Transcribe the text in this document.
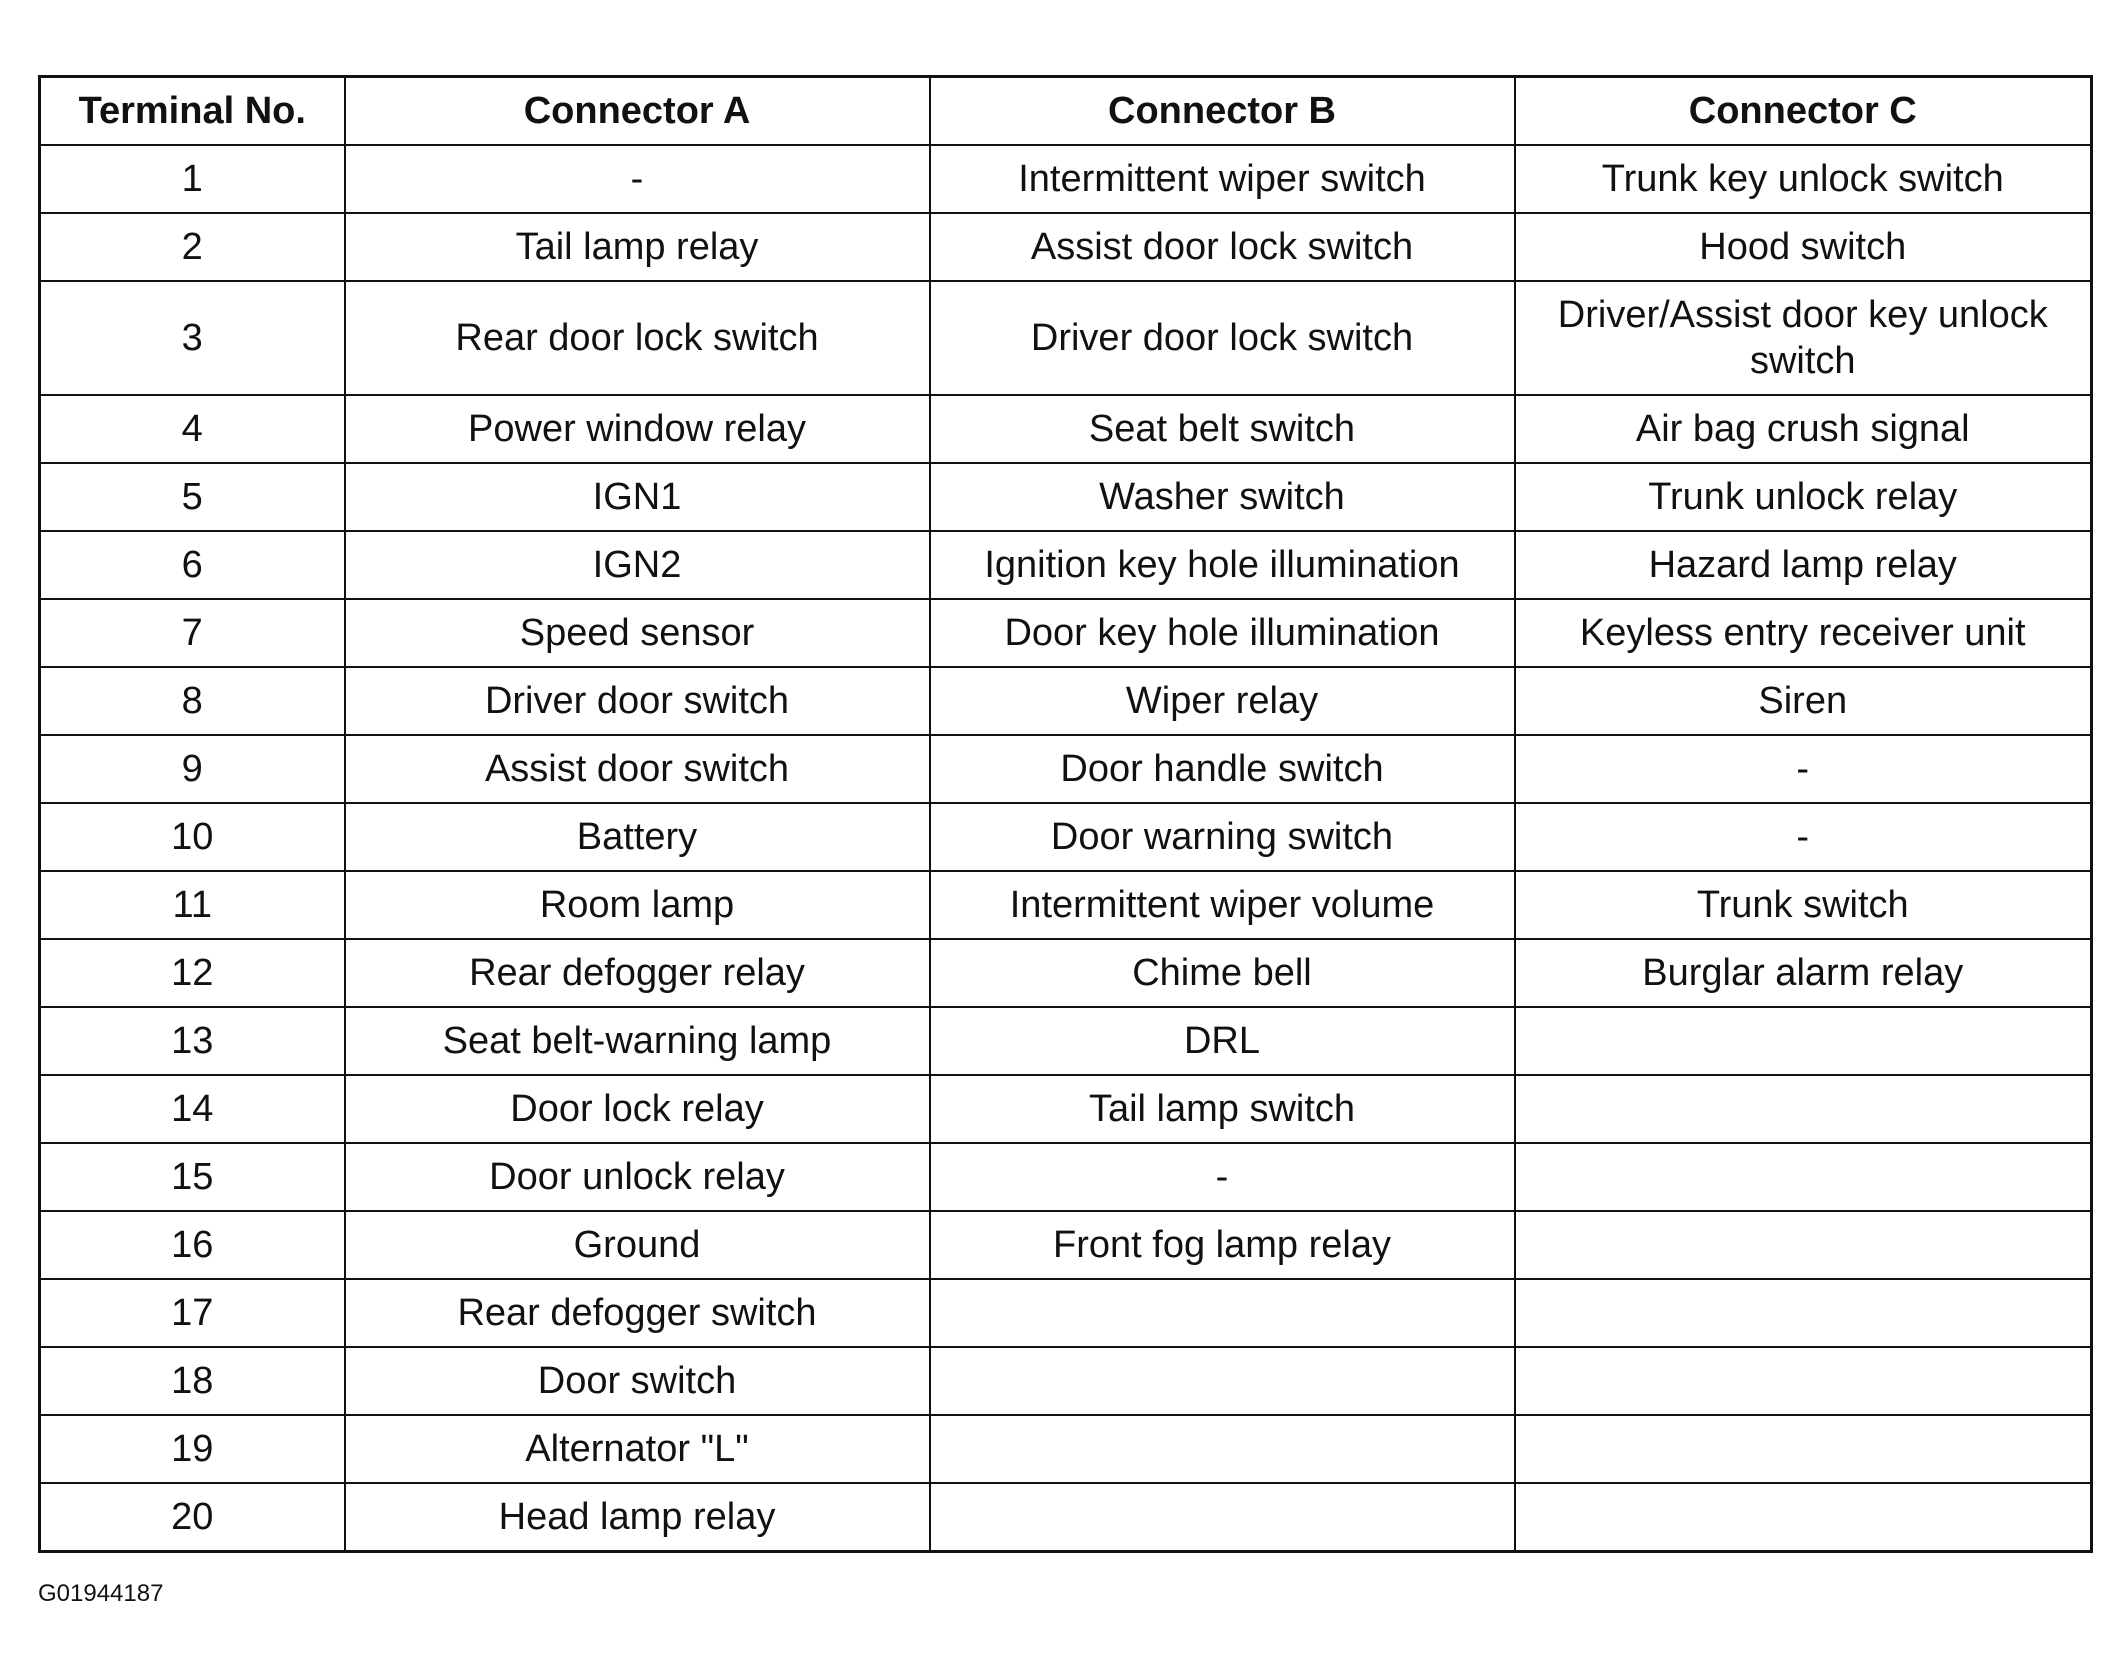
Terminal No.	Connector A	Connector B	Connector C
1	-	Intermittent wiper switch	Trunk key unlock switch
2	Tail lamp relay	Assist door lock switch	Hood switch
3	Rear door lock switch	Driver door lock switch	Driver/Assist door key unlock switch
4	Power window relay	Seat belt switch	Air bag crush signal
5	IGN1	Washer switch	Trunk unlock relay
6	IGN2	Ignition key hole illumination	Hazard lamp relay
7	Speed sensor	Door key hole illumination	Keyless entry receiver unit
8	Driver door switch	Wiper relay	Siren
9	Assist door switch	Door handle switch	-
10	Battery	Door warning switch	-
11	Room lamp	Intermittent wiper volume	Trunk switch
12	Rear defogger relay	Chime bell	Burglar alarm relay
13	Seat belt-warning lamp	DRL	
14	Door lock relay	Tail lamp switch	
15	Door unlock relay	-	
16	Ground	Front fog lamp relay	
17	Rear defogger switch		
18	Door switch		
19	Alternator "L"		
20	Head lamp relay		
G01944187
